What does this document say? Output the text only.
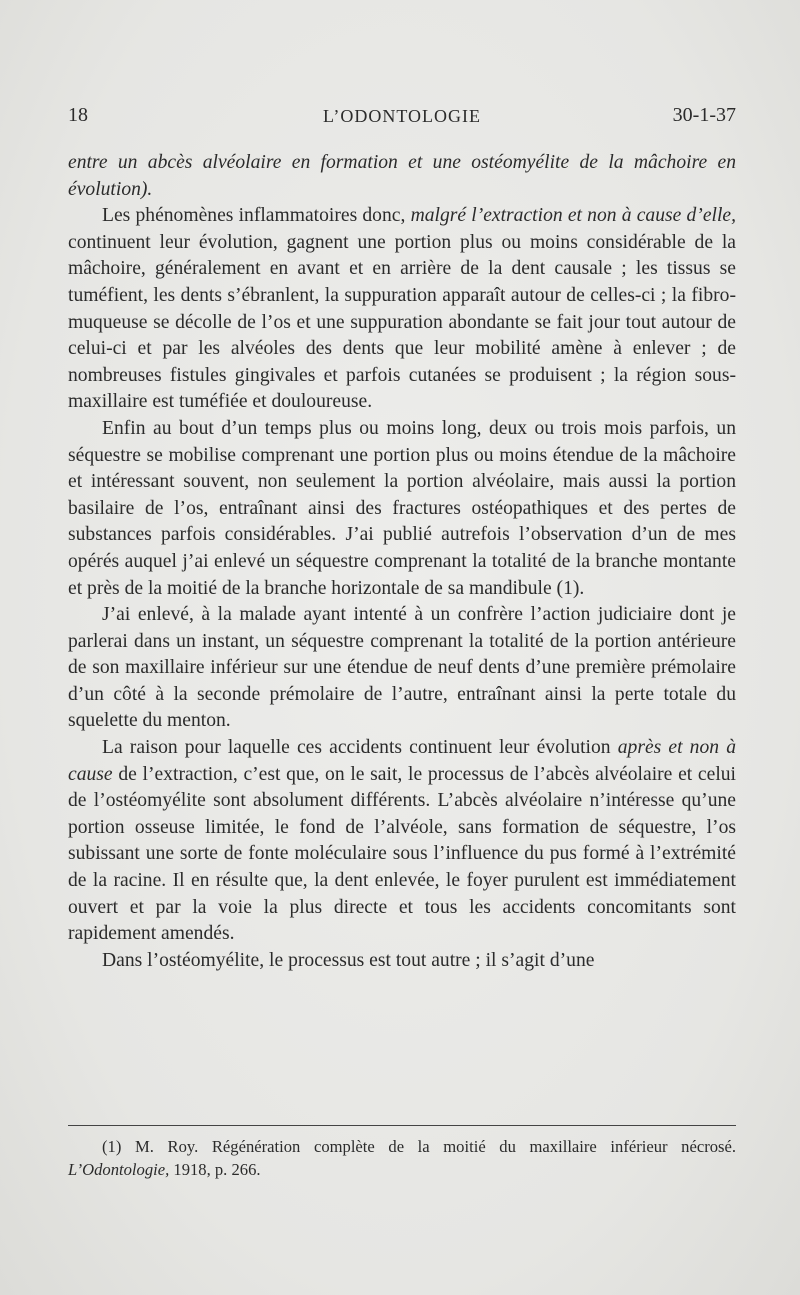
18	L’ODONTOLOGIE	30-1-37

entre un abcès alvéolaire en formation et une ostéomyélite de la mâchoire en évolution).

Les phénomènes inflammatoires donc, malgré l’extraction et non à cause d’elle, continuent leur évolution, gagnent une portion plus ou moins considérable de la mâchoire, généralement en avant et en arrière de la dent causale ; les tissus se tuméfient, les dents s’ébranlent, la suppuration apparaît autour de celles-ci ; la fibro-muqueuse se décolle de l’os et une suppuration abondante se fait jour tout autour de celui-ci et par les alvéoles des dents que leur mobilité amène à enlever ; de nombreuses fistules gingivales et parfois cutanées se produisent ; la région sous-maxillaire est tuméfiée et douloureuse.

Enfin au bout d’un temps plus ou moins long, deux ou trois mois parfois, un séquestre se mobilise comprenant une portion plus ou moins étendue de la mâchoire et intéressant souvent, non seulement la portion alvéolaire, mais aussi la portion basilaire de l’os, entraînant ainsi des fractures ostéopathiques et des pertes de substances parfois considérables. J’ai publié autrefois l’observation d’un de mes opérés auquel j’ai enlevé un séquestre comprenant la totalité de la branche montante et près de la moitié de la branche horizontale de sa mandibule (1).

J’ai enlevé, à la malade ayant intenté à un confrère l’action judiciaire dont je parlerai dans un instant, un séquestre comprenant la totalité de la portion antérieure de son maxillaire inférieur sur une étendue de neuf dents d’une première prémolaire d’un côté à la seconde prémolaire de l’autre, entraînant ainsi la perte totale du squelette du menton.

La raison pour laquelle ces accidents continuent leur évolution après et non à cause de l’extraction, c’est que, on le sait, le processus de l’abcès alvéolaire et celui de l’ostéomyélite sont absolument différents. L’abcès alvéolaire n’intéresse qu’une portion osseuse limitée, le fond de l’alvéole, sans formation de séquestre, l’os subissant une sorte de fonte moléculaire sous l’influence du pus formé à l’extrémité de la racine. Il en résulte que, la dent enlevée, le foyer purulent est immédiatement ouvert et par la voie la plus directe et tous les accidents concomitants sont rapidement amendés.

Dans l’ostéomyélite, le processus est tout autre ; il s’agit d’une

(1) M. Roy. Régénération complète de la moitié du maxillaire inférieur nécrosé. L’Odontologie, 1918, p. 266.
